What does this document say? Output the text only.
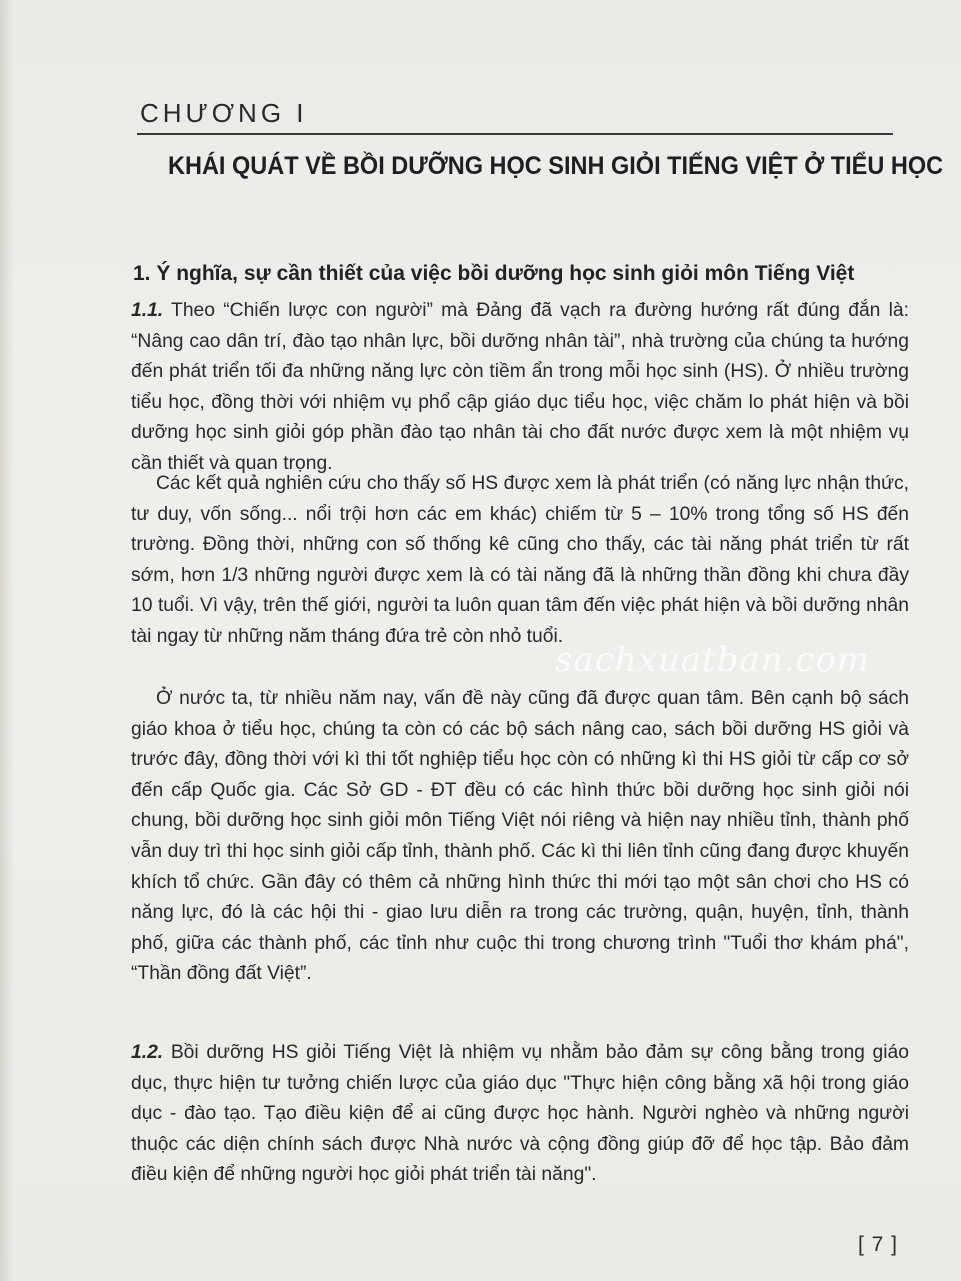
CHƯƠNG I
KHÁI QUÁT VỀ BỒI DƯỠNG HỌC SINH GIỎI TIẾNG VIỆT Ở TIỂU HỌC
1. Ý nghĩa, sự cần thiết của việc bồi dưỡng học sinh giỏi môn Tiếng Việt
1.1. Theo “Chiến lược con người” mà Đảng đã vạch ra đường hướng rất đúng đắn là: “Nâng cao dân trí, đào tạo nhân lực, bồi dưỡng nhân tài”, nhà trường của chúng ta hướng đến phát triển tối đa những năng lực còn tiềm ẩn trong mỗi học sinh (HS). Ở nhiều trường tiểu học, đồng thời với nhiệm vụ phổ cập giáo dục tiểu học, việc chăm lo phát hiện và bồi dưỡng học sinh giỏi góp phần đào tạo nhân tài cho đất nước được xem là một nhiệm vụ cần thiết và quan trọng.
Các kết quả nghiên cứu cho thấy số HS được xem là phát triển (có năng lực nhận thức, tư duy, vốn sống... nổi trội hơn các em khác) chiếm từ 5 – 10% trong tổng số HS đến trường. Đồng thời, những con số thống kê cũng cho thấy, các tài năng phát triển từ rất sớm, hơn 1/3 những người được xem là có tài năng đã là những thần đồng khi chưa đầy 10 tuổi. Vì vậy, trên thế giới, người ta luôn quan tâm đến việc phát hiện và bồi dưỡng nhân tài ngay từ những năm tháng đứa trẻ còn nhỏ tuổi.
Ở nước ta, từ nhiều năm nay, vấn đề này cũng đã được quan tâm. Bên cạnh bộ sách giáo khoa ở tiểu học, chúng ta còn có các bộ sách nâng cao, sách bồi dưỡng HS giỏi và trước đây, đồng thời với kì thi tốt nghiệp tiểu học còn có những kì thi HS giỏi từ cấp cơ sở đến cấp Quốc gia. Các Sở GD - ĐT đều có các hình thức bồi dưỡng học sinh giỏi nói chung, bồi dưỡng học sinh giỏi môn Tiếng Việt nói riêng và hiện nay nhiều tỉnh, thành phố vẫn duy trì thi học sinh giỏi cấp tỉnh, thành phố. Các kì thi liên tỉnh cũng đang được khuyến khích tổ chức. Gần đây có thêm cả những hình thức thi mới tạo một sân chơi cho HS có năng lực, đó là các hội thi - giao lưu diễn ra trong các trường, quận, huyện, tỉnh, thành phố, giữa các thành phố, các tỉnh như cuộc thi trong chương trình "Tuổi thơ khám phá", “Thần đồng đất Việt”.
1.2. Bồi dưỡng HS giỏi Tiếng Việt là nhiệm vụ nhằm bảo đảm sự công bằng trong giáo dục, thực hiện tư tưởng chiến lược của giáo dục "Thực hiện công bằng xã hội trong giáo dục - đào tạo. Tạo điều kiện để ai cũng được học hành. Người nghèo và những người thuộc các diện chính sách được Nhà nước và cộng đồng giúp đỡ để học tập. Bảo đảm điều kiện để những người học giỏi phát triển tài năng".
sachxuatban.com
[ 7 ]
